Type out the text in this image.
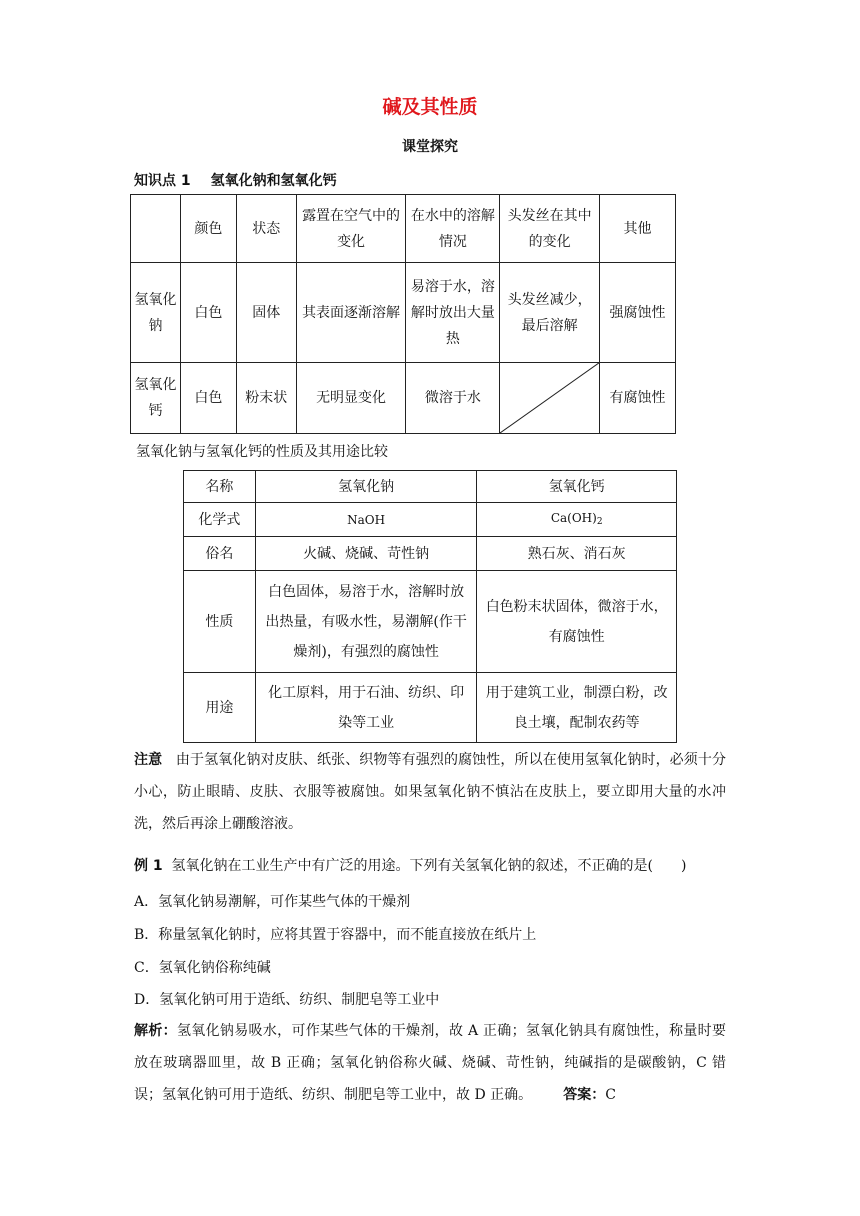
碱及其性质
课堂探究
知识点 1 氢氧化钠和氢氧化钙
	颜色	状态	露置在空气中的变化	在水中的溶解情况	头发丝在其中的变化	其他
氢氧化钠	白色	固体	其表面逐渐溶解	易溶于水，溶解时放出大量热	头发丝减少，最后溶解	强腐蚀性
氢氧化钙	白色	粉末状	无明显变化	微溶于水		有腐蚀性
氢氧化钠与氢氧化钙的性质及其用途比较
名称	氢氧化钠	氢氧化钙
化学式	NaOH	Ca(OH)2
俗名	火碱、烧碱、苛性钠	熟石灰、消石灰
性质	白色固体，易溶于水，溶解时放出热量，有吸水性，易潮解(作干燥剂)，有强烈的腐蚀性	白色粉末状固体，微溶于水，有腐蚀性
用途	化工原料，用于石油、纺织、印染等工业	用于建筑工业，制漂白粉，改良土壤，配制农药等
注意 由于氢氧化钠对皮肤、纸张、织物等有强烈的腐蚀性，所以在使用氢氧化钠时，必须十分小心，防止眼睛、皮肤、衣服等被腐蚀。如果氢氧化钠不慎沾在皮肤上，要立即用大量的水冲洗，然后再涂上硼酸溶液。
例 1 氢氧化钠在工业生产中有广泛的用途。下列有关氢氧化钠的叙述，不正确的是(　　)
A．氢氧化钠易潮解，可作某些气体的干燥剂
B．称量氢氧化钠时，应将其置于容器中，而不能直接放在纸片上
C．氢氧化钠俗称纯碱
D．氢氧化钠可用于造纸、纺织、制肥皂等工业中
解析：氢氧化钠易吸水，可作某些气体的干燥剂，故 A 正确；氢氧化钠具有腐蚀性，称量时要放在玻璃器皿里，故 B 正确；氢氧化钠俗称火碱、烧碱、苛性钠，纯碱指的是碳酸钠，C 错误；氢氧化钠可用于造纸、纺织、制肥皂等工业中，故 D 正确。 答案：C
